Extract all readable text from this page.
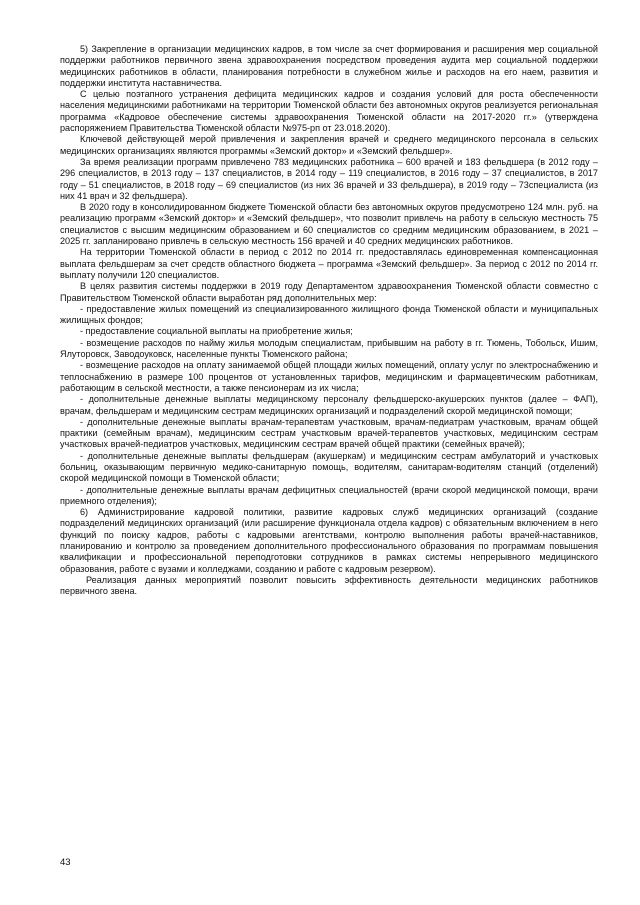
5) Закрепление в организации медицинских кадров, в том числе за счет формирования и расширения мер социальной поддержки работников первичного звена здравоохранения посредством проведения аудита мер социальной поддержки медицинских работников в области, планирования потребности в служебном жилье и расходов на его наем, развития и поддержки института наставничества.

С целью поэтапного устранения дефицита медицинских кадров и создания условий для роста обеспеченности населения медицинскими работниками на территории Тюменской области без автономных округов реализуется региональная программа «Кадровое обеспечение системы здравоохранения Тюменской области на 2017-2020 гг.» (утверждена распоряжением Правительства Тюменской области №975-рп от 23.018.2020).

Ключевой действующей мерой привлечения и закрепления врачей и среднего медицинского персонала в сельских медицинских организациях являются программы «Земский доктор» и «Земский фельдшер».

За время реализации программ привлечено 783 медицинских работника – 600 врачей и 183 фельдшера (в 2012 году – 296 специалистов, в 2013 году – 137 специалистов, в 2014 году – 119 специалистов, в 2016 году – 37 специалистов, в 2017 году – 51 специалистов, в 2018 году – 69 специалистов (из них 36 врачей и 33 фельдшера), в 2019 году – 73специалиста (из них 41 врач и 32 фельдшера).

В 2020 году в консолидированном бюджете Тюменской области без автономных округов предусмотрено 124 млн. руб. на реализацию программ «Земский доктор» и «Земский фельдшер», что позволит привлечь на работу в сельскую местность 75 специалистов с высшим медицинским образованием и 60 специалистов со средним медицинским образованием, в 2021 – 2025 гг. запланировано привлечь в сельскую местность 156 врачей и 40 средних медицинских работников.

На территории Тюменской области в период с 2012 по 2014 гг. предоставлялась единовременная компенсационная выплата фельдшерам за счет средств областного бюджета – программа «Земский фельдшер». За период с 2012 по 2014 гг. выплату получили 120 специалистов.

В целях развития системы поддержки в 2019 году Департаментом здравоохранения Тюменской области совместно с Правительством Тюменской области выработан ряд дополнительных мер:

- предоставление жилых помещений из специализированного жилищного фонда Тюменской области и муниципальных жилищных фондов;

- предоставление социальной выплаты на приобретение жилья;

- возмещение расходов по найму жилья молодым специалистам, прибывшим на работу в гг. Тюмень, Тобольск, Ишим, Ялуторовск, Заводоуковск, населенные пункты Тюменского района;

- возмещение расходов на оплату занимаемой общей площади жилых помещений, оплату услуг по электроснабжению и теплоснабжению в размере 100 процентов от установленных тарифов, медицинским и фармацевтическим работникам, работающим в сельской местности, а также пенсионерам из их числа;

- дополнительные денежные выплаты медицинскому персоналу фельдшерско-акушерских пунктов (далее – ФАП), врачам, фельдшерам и медицинским сестрам медицинских организаций и подразделений скорой медицинской помощи;

- дополнительные денежные выплаты врачам-терапевтам участковым, врачам-педиатрам участковым, врачам общей практики (семейным врачам), медицинским сестрам участковым врачей-терапевтов участковых, медицинским сестрам участковых врачей-педиатров участковых, медицинским сестрам врачей общей практики (семейных врачей);

- дополнительные денежные выплаты фельдшерам (акушеркам) и медицинским сестрам амбулаторий и участковых больниц, оказывающим первичную медико-санитарную помощь, водителям, санитарам-водителям станций (отделений) скорой медицинской помощи в Тюменской области;

- дополнительные денежные выплаты врачам дефицитных специальностей (врачи скорой медицинской помощи, врачи приемного отделения);

6) Администрирование кадровой политики, развитие кадровых служб медицинских организаций (создание подразделений медицинских организаций (или расширение функционала отдела кадров) с обязательным включением в него функций по поиску кадров, работы с кадровыми агентствами, контролю выполнения работы врачей-наставников, планированию и контролю за проведением дополнительного профессионального образования по программам повышения квалификации и профессиональной переподготовки сотрудников в рамках системы непрерывного медицинского образования, работе с вузами и колледжами, созданию и работе с кадровым резервом).

Реализация данных мероприятий позволит повысить эффективность деятельности медицинских работников первичного звена.

43
